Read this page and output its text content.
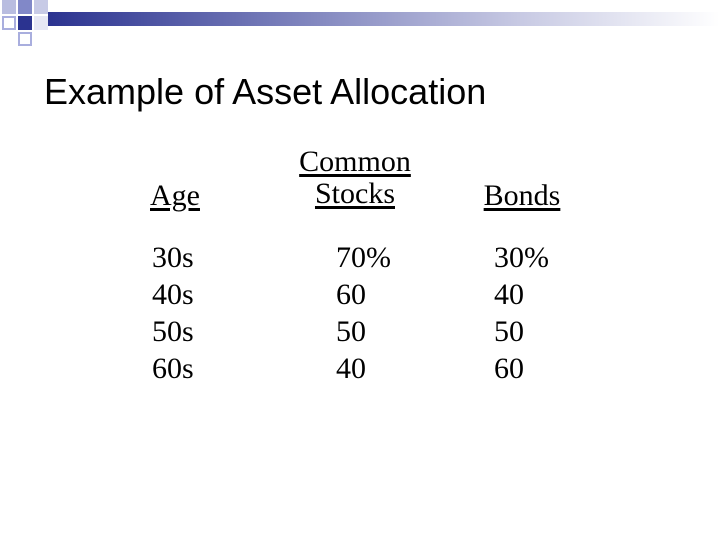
Example of Asset Allocation
Age
Common
Stocks	Bonds
30s
40s
50s
60s
70%
60
50
40
30%
40
50
60
